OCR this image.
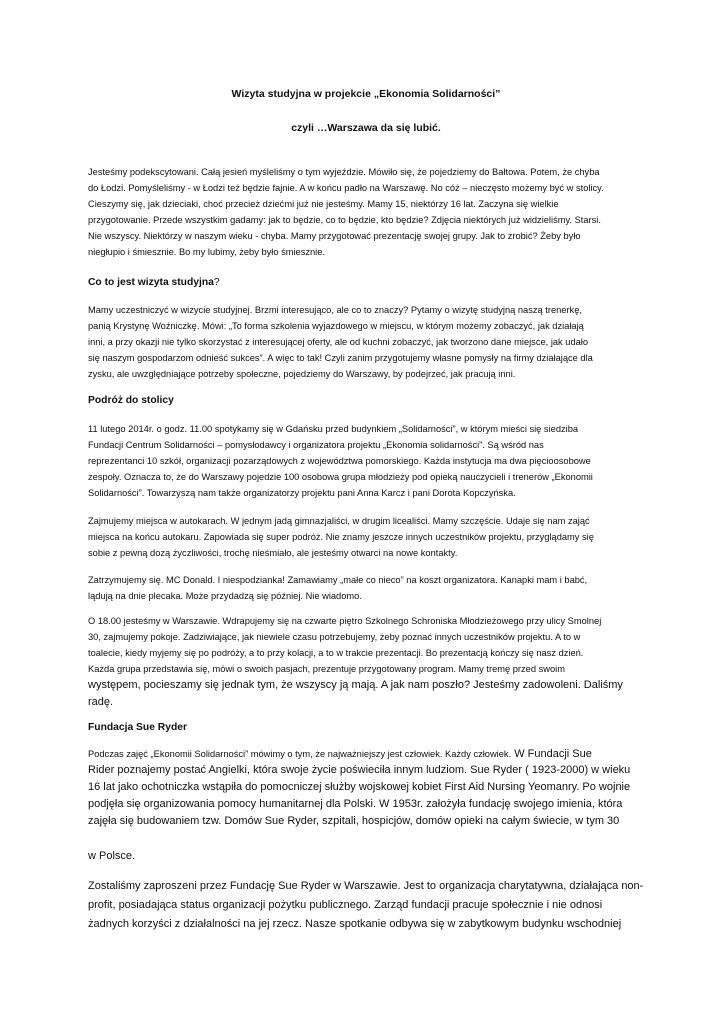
Wizyta studyjna w projekcie „Ekonomia Solidarności”
czyli …Warszawa da się lubić.
Jesteśmy podekscytowani. Całą jesień myśleliśmy o tym wyjeździe. Mówiło się, że pojedziemy do Bałtowa. Potem, że chyba
do Łodzi. Pomyśleliśmy - w Łodzi też będzie fajnie. A w końcu padło na Warszawę. No cóż – nieczęsto możemy być w stolicy.
Cieszymy się, jak dzieciaki, choć przecież dziećmi już nie jesteśmy. Mamy 15, niektórzy 16 lat. Zaczyna się wielkie
przygotowanie. Przede wszystkim gadamy: jak to będzie, co to będzie, kto będzie? Zdjęcia niektórych już widzieliśmy. Starsi.
Nie wszyscy. Niektórzy w naszym wieku - chyba. Mamy przygotować prezentację swojej grupy. Jak to zrobić? Żeby było
niegłupio i śmiesznie. Bo my lubimy, żeby było śmiesznie.
Co to jest wizyta studyjna?
Mamy uczestniczyć w wizycie studyjnej. Brzmi interesująco, ale co to znaczy? Pytamy o wizytę studyjną naszą trenerkę,
panią Krystynę Woźniczkę. Mówi: „To forma szkolenia wyjazdowego w miejscu, w którym możemy zobaczyć, jak działają
inni, a przy okazji nie tylko skorzystać z interesującej oferty, ale od kuchni zobaczyć, jak tworzono dane miejsce, jak udało
się naszym gospodarzom odnieść sukces”. A więc to tak! Czyli zanim przygotujemy własne pomysły na firmy działające dla
zysku, ale uwzględniające potrzeby społeczne, pojedziemy do Warszawy, by podejrzeć, jak pracują inni.
Podróż do stolicy
11 lutego 2014r. o godz. 11.00 spotykamy się w Gdańsku przed budynkiem „Solidarności”, w którym mieści się siedziba
Fundacji Centrum Solidarności – pomysłodawcy i organizatora projektu „Ekonomia solidarności”. Są wśród nas
reprezentanci 10 szkół, organizacji pozarządowych z województwa pomorskiego. Każda instytucja ma dwa pięcioosobowe
zespoły. Oznacza to, że do Warszawy pojedzie 100 osobowa grupa młodzieży pod opieką nauczycieli i trenerów „Ekonomii
Solidarności”. Towarzyszą nam także organizatorzy projektu pani Anna Karcz i pani Dorota Kopczyńska.
Zajmujemy miejsca w autokarach. W jednym jadą gimnazjaliści, w drugim licealiści. Mamy szczęście. Udaje się nam zająć
miejsca na końcu autokaru. Zapowiada się super podróż. Nie znamy jeszcze innych uczestników projektu, przyglądamy się
sobie z pewną dozą życzliwości, trochę nieśmiało, ale jesteśmy otwarci na nowe kontakty.
Zatrzymujemy się. MC Donald. I niespodzianka! Zamawiamy „małe co nieco” na koszt organizatora. Kanapki mam i babć,
lądują na dnie plecaka. Może przydadzą się później. Nie wiadomo.
O 18.00 jesteśmy w Warszawie. Wdrapujemy się na czwarte piętro Szkolnego Schroniska Młodzieżowego przy ulicy Smolnej
30, zajmujemy pokoje. Zadziwiające, jak niewiele czasu potrzebujemy, żeby poznać innych uczestników projektu. A to w
toalecie, kiedy myjemy się po podróży, a to przy kolacji, a to w trakcie prezentacji. Bo prezentacją kończy się nasz dzień.
Każda grupa przedstawia się, mówi o swoich pasjach, prezentuje przygotowany program. Mamy tremę przed swoim
występem, pocieszamy się jednak tym, że wszyscy ją mają. A jak nam poszło? Jesteśmy zadowoleni. Daliśmy
radę.
Fundacja Sue Ryder
Podczas zajęć „Ekonomii Solidarności” mówimy o tym, że najważniejszy jest człowiek. Każdy człowiek. W Fundacji Sue
Rider poznajemy postać Angielki, która swoje życie poświeciła innym ludziom. Sue Ryder ( 1923-2000) w wieku
16 lat jako ochotniczka wstąpiła do pomocniczej służby wojskowej kobiet First Aid Nursing Yeomanry. Po wojnie
podjęła się organizowania pomocy humanitarnej dla Polski. W 1953r. założyła fundację swojego imienia, która
zajęła się budowaniem tzw. Domów Sue Ryder, szpitali, hospicjów, domów opieki na całym świecie, w tym 30
w Polsce.
Zostaliśmy zaproszeni przez Fundację Sue Ryder w Warszawie. Jest to organizacja charytatywna, działająca non-
profit, posiadająca status organizacji pożytku publicznego. Zarząd fundacji pracuje społecznie i nie odnosi
żadnych korzyści z działalności na jej rzecz. Nasze spotkanie odbywa się w zabytkowym budynku wschodniej
